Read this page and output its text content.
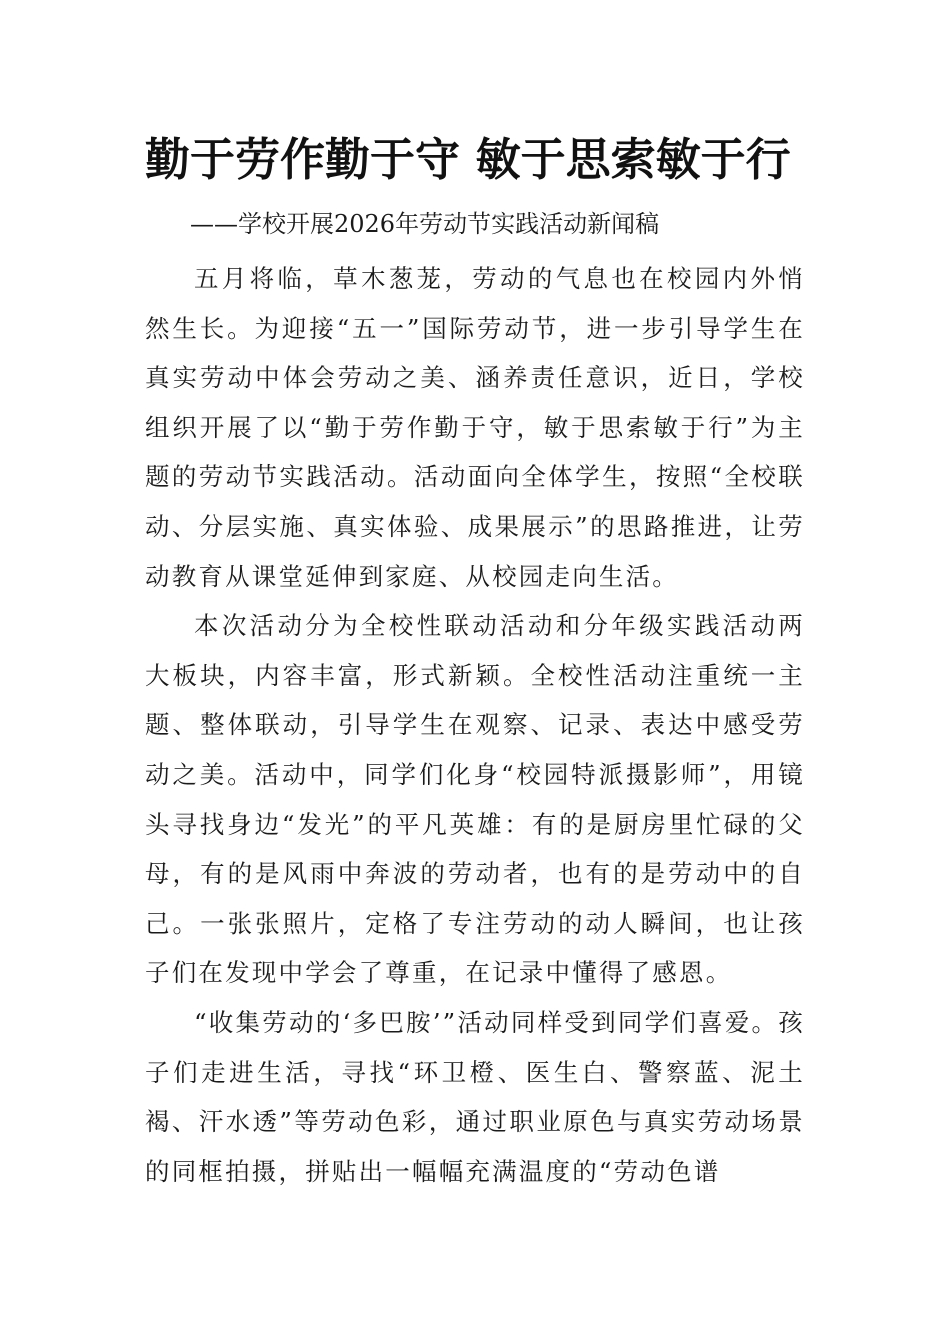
勤于劳作勤于守 敏于思索敏于行
——学校开展2026年劳动节实践活动新闻稿

五月将临，草木葱茏，劳动的气息也在校园内外悄然生长。为迎接“五一”国际劳动节，进一步引导学生在真实劳动中体会劳动之美、涵养责任意识，近日，学校组织开展了以“勤于劳作勤于守，敏于思索敏于行”为主题的劳动节实践活动。活动面向全体学生，按照“全校联动、分层实施、真实体验、成果展示”的思路推进，让劳动教育从课堂延伸到家庭、从校园走向生活。

本次活动分为全校性联动活动和分年级实践活动两大板块，内容丰富，形式新颖。全校性活动注重统一主题、整体联动，引导学生在观察、记录、表达中感受劳动之美。活动中，同学们化身“校园特派摄影师”，用镜头寻找身边“发光”的平凡英雄：有的是厨房里忙碌的父母，有的是风雨中奔波的劳动者，也有的是劳动中的自己。一张张照片，定格了专注劳动的动人瞬间，也让孩子们在发现中学会了尊重，在记录中懂得了感恩。

“收集劳动的‘多巴胺’”活动同样受到同学们喜爱。孩子们走进生活，寻找“环卫橙、医生白、警察蓝、泥土褐、汗水透”等劳动色彩，通过职业原色与真实劳动场景的同框拍摄，拼贴出一幅幅充满温度的“劳动色谱
